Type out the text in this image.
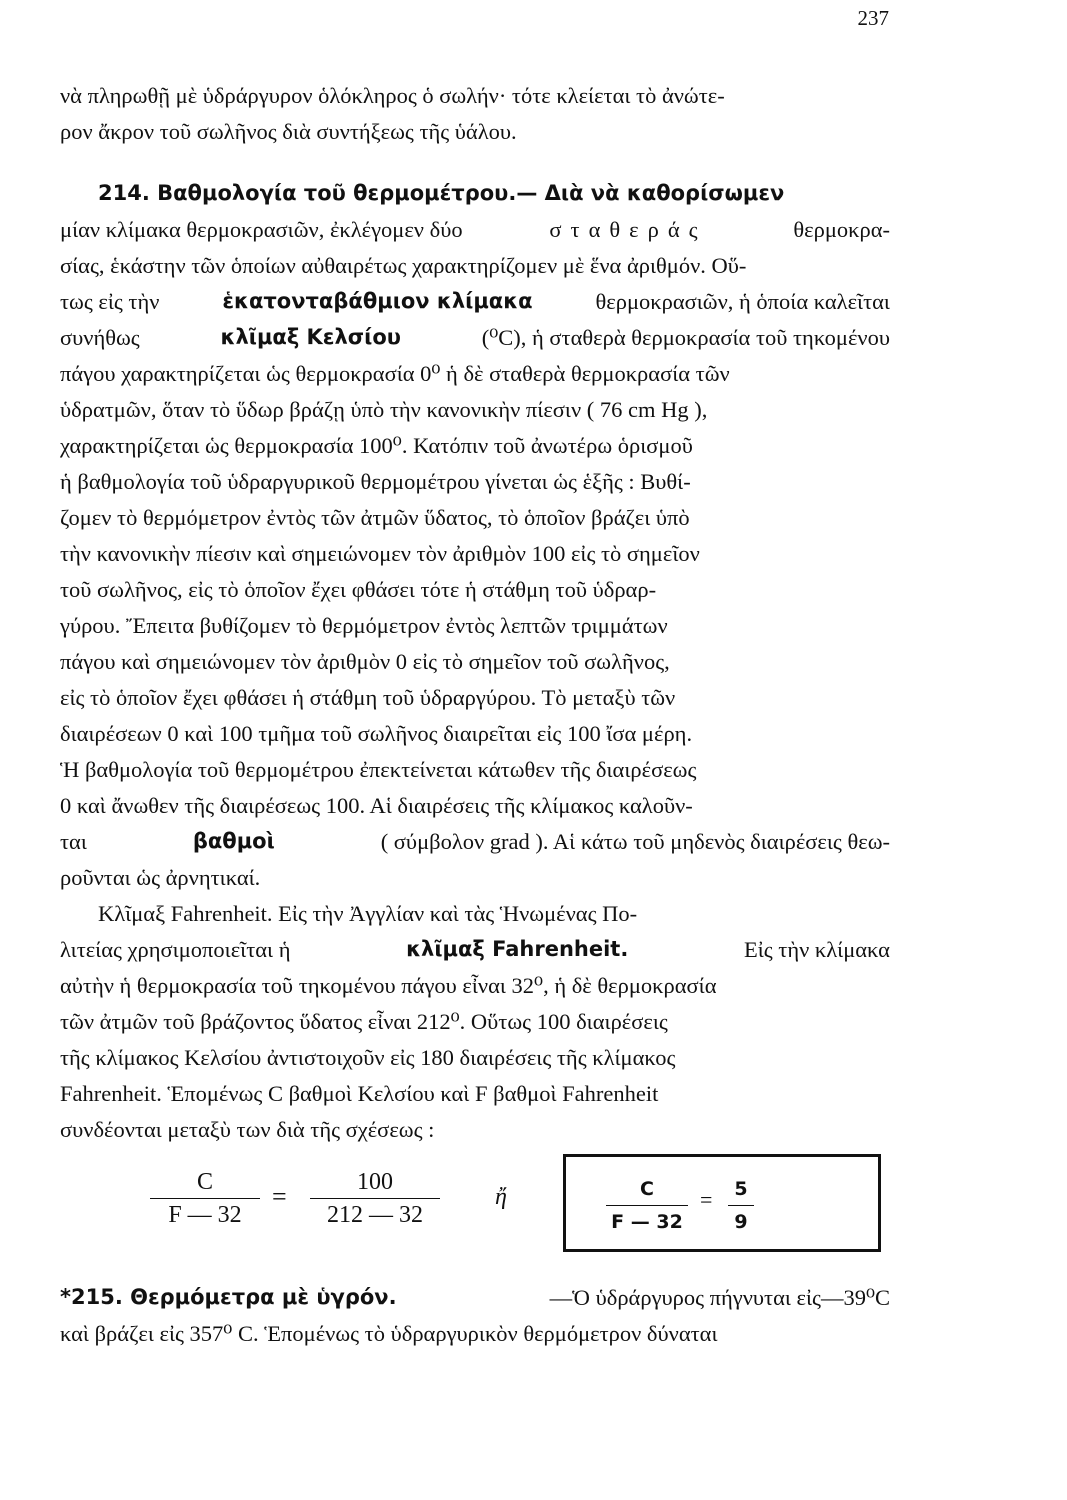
237
νὰ πληρωθῇ μὲ ὑδράργυρον ὁλόκληρος ὁ σωλήν· τότε κλείεται τὸ ἀνώτε-
ρον ἄκρον τοῦ σωλῆνος διὰ συντήξεως τῆς ὑάλου.
214. Βαθμολογία τοῦ θερμομέτρου.— Διὰ νὰ καθορίσωμεν
μίαν κλίμακα θερμοκρασιῶν, ἐκλέγομεν δύο	σταθεράς	θερμοκρα-
σίας, ἑκάστην τῶν ὁποίων αὐθαιρέτως χαρακτηρίζομεν μὲ ἕνα ἀριθμόν. Οὕ-
τως εἰς τὴν	ἑκατονταβάθμιον κλίμακα	θερμοκρασιῶν, ἡ ὁποία καλεῖται
συνήθως	κλῖμαξ Κελσίου	(⁰C), ἡ σταθερὰ θερμοκρασία τοῦ τηκομένου
πάγου χαρακτηρίζεται ὡς θερμοκρασία 0⁰ ἡ δὲ σταθερὰ θερμοκρασία τῶν
ὑδρατμῶν, ὅταν τὸ ὕδωρ βράζῃ ὑπὸ τὴν κανονικὴν πίεσιν ( 76 cm Hg ),
χαρακτηρίζεται ὡς θερμοκρασία 100⁰. Κατόπιν τοῦ ἀνωτέρω ὁρισμοῦ
ἡ βαθμολογία τοῦ ὑδραργυρικοῦ θερμομέτρου γίνεται ὡς ἑξῆς : Βυθί-
ζομεν τὸ θερμόμετρον ἐντὸς τῶν ἀτμῶν ὕδατος, τὸ ὁποῖον βράζει ὑπὸ
τὴν κανονικὴν πίεσιν καὶ σημειώνομεν τὸν ἀριθμὸν 100 εἰς τὸ σημεῖον
τοῦ σωλῆνος, εἰς τὸ ὁποῖον ἔχει φθάσει τότε ἡ στάθμη τοῦ ὑδραρ-
γύρου. Ἔπειτα βυθίζομεν τὸ θερμόμετρον ἐντὸς λεπτῶν τριμμάτων
πάγου καὶ σημειώνομεν τὸν ἀριθμὸν 0 εἰς τὸ σημεῖον τοῦ σωλῆνος,
εἰς τὸ ὁποῖον ἔχει φθάσει ἡ στάθμη τοῦ ὑδραργύρου. Τὸ μεταξὺ τῶν
διαιρέσεων 0 καὶ 100 τμῆμα τοῦ σωλῆνος διαιρεῖται εἰς 100 ἴσα μέρη.
Ἡ βαθμολογία τοῦ θερμομέτρου ἐπεκτείνεται κάτωθεν τῆς διαιρέσεως
0 καὶ ἄνωθεν τῆς διαιρέσεως 100. Αἱ διαιρέσεις τῆς κλίμακος καλοῦν-
ται	βαθμοὶ	( σύμβολον grad ). Αἱ κάτω τοῦ μηδενὸς διαιρέσεις θεω-
ροῦνται ὡς ἀρνητικαί.
Κλῖμαξ Fahrenheit. Εἰς τὴν Ἀγγλίαν καὶ τὰς Ἡνωμένας Πο-
λιτείας χρησιμοποιεῖται ἡ	κλῖμαξ Fahrenheit.	Εἰς τὴν κλίμακα
αὐτὴν ἡ θερμοκρασία τοῦ τηκομένου πάγου εἶναι 32⁰, ἡ δὲ θερμοκρασία
τῶν ἀτμῶν τοῦ βράζοντος ὕδατος εἶναι 212⁰. Οὕτως 100 διαιρέσεις
τῆς κλίμακος Κελσίου ἀντιστοιχοῦν εἰς 180 διαιρέσεις τῆς κλίμακος
Fahrenheit. Ἑπομένως C βαθμοὶ Κελσίου καὶ F βαθμοὶ Fahrenheit
συνδέονται μεταξὺ των διὰ τῆς σχέσεως :
C
F — 32
=	100
212 — 32
ἤ	C
F — 32
=	5
9
*215. Θερμόμετρα μὲ ὑγρόν.	—Ὁ ὑδράργυρος πήγνυται εἰς—39⁰C
καὶ βράζει εἰς 357⁰ C. Ἑπομένως τὸ ὑδραργυρικὸν θερμόμετρον δύναται
